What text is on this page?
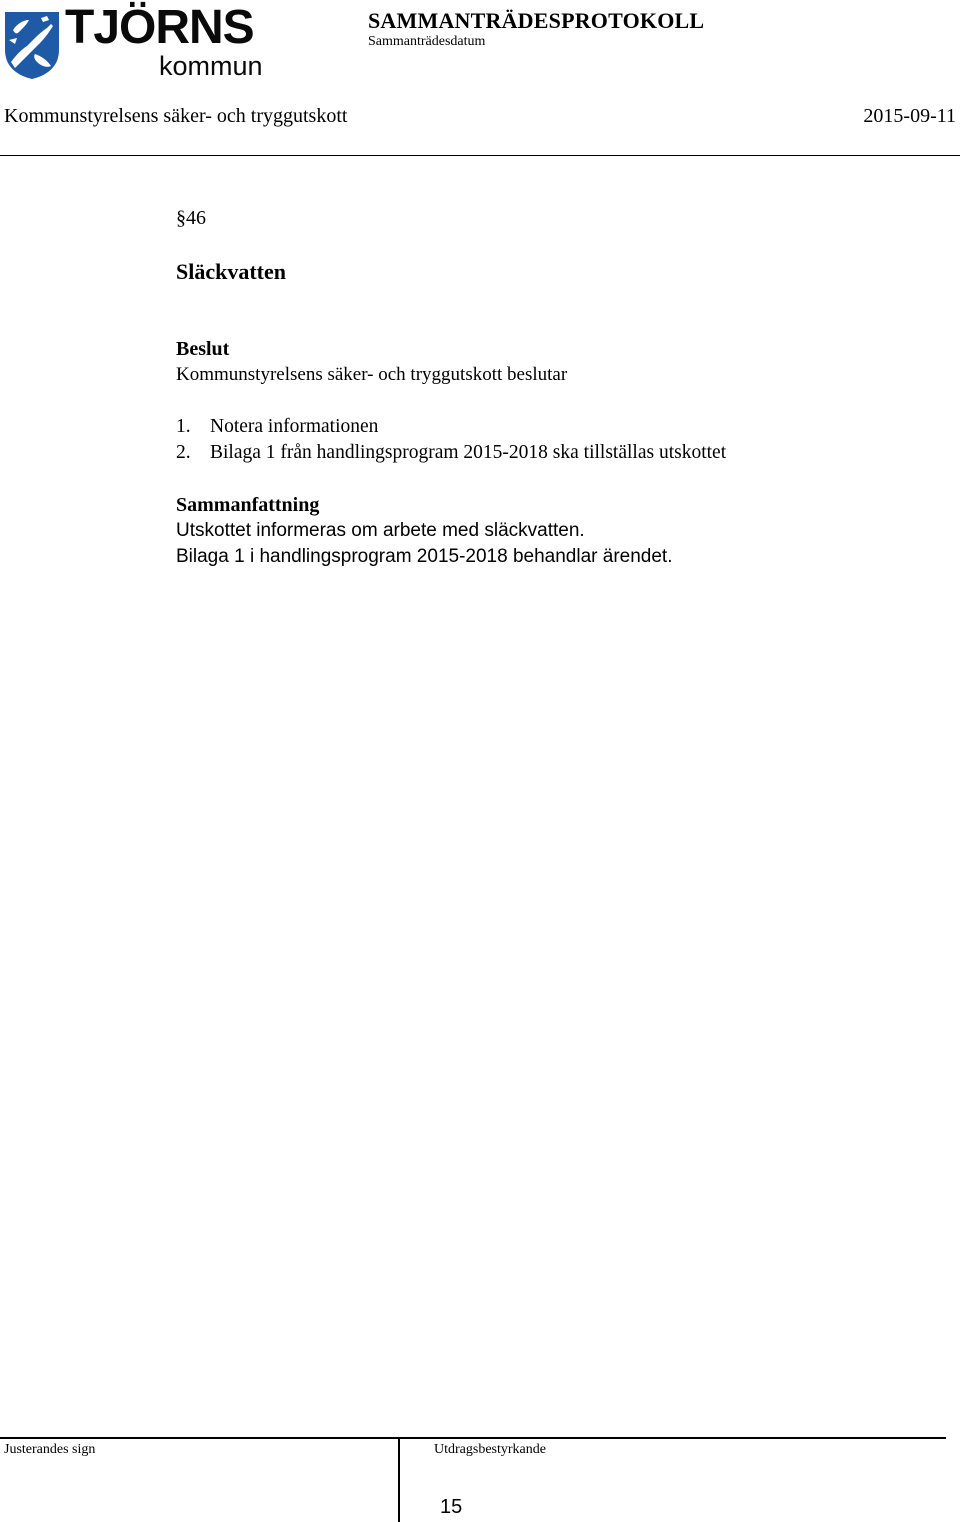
TJÖRNS
kommun
SAMMANTRÄDESPROTOKOLL
Sammanträdesdatum
Kommunstyrelsens säker- och tryggutskott	2015-09-11
§46
Släckvatten
Beslut
Kommunstyrelsens säker- och tryggutskott beslutar
1. Notera informationen
2. Bilaga 1 från handlingsprogram 2015-2018 ska tillställas utskottet
Sammanfattning
Utskottet informeras om arbete med släckvatten.
Bilaga 1 i handlingsprogram 2015-2018 behandlar ärendet.
Justerandes sign	Utdragsbestyrkande
15
